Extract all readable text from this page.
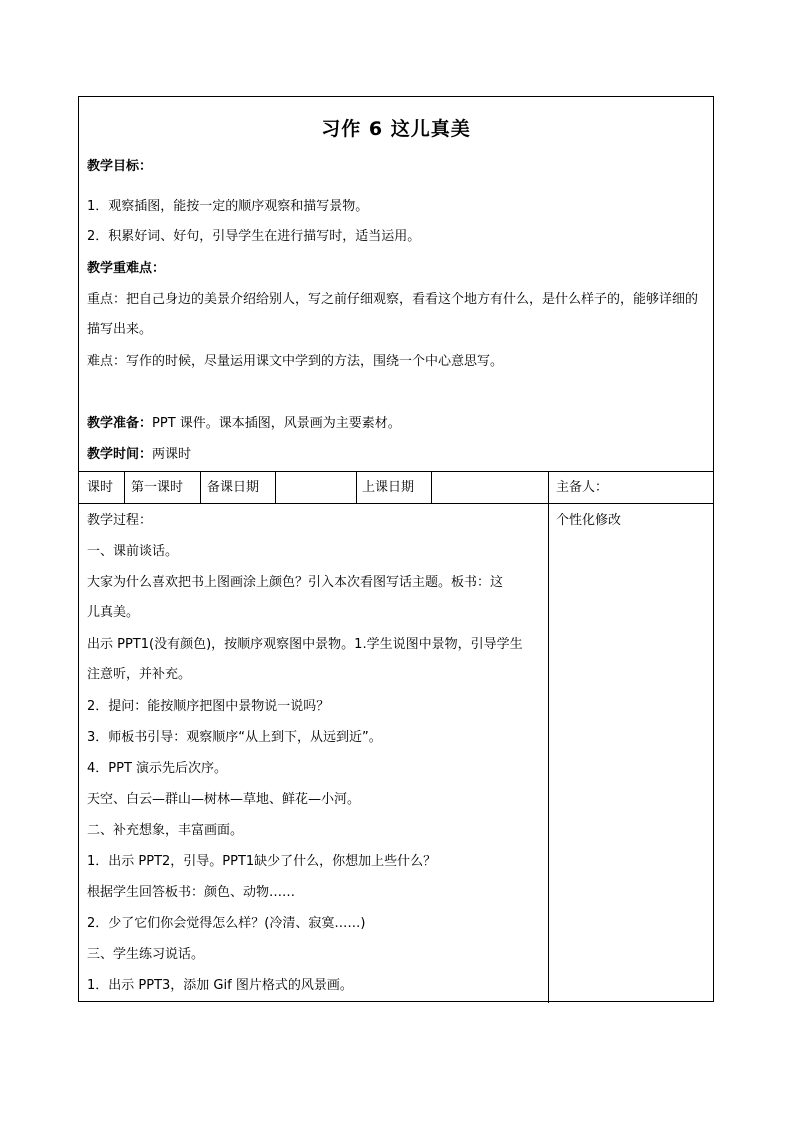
习作 6 这儿真美
教学目标：
1．观察插图，能按一定的顺序观察和描写景物。
2．积累好词、好句，引导学生在进行描写时，适当运用。
教学重难点：
重点：把自己身边的美景介绍给别人，写之前仔细观察，看看这个地方有什么，是什么样子的，能够详细的描写出来。
难点：写作的时候，尽量运用课文中学到的方法，围绕一个中心意思写。
教学准备：PPT 课件。课本插图，风景画为主要素材。
教学时间：两课时
课时 第一课时 备课日期	上课日期	主备人：
个性化修改
教学过程：
一、课前谈话。
大家为什么喜欢把书上图画涂上颜色？引入本次看图写话主题。板书：这
儿真美。
出示 PPT1(没有颜色)，按顺序观察图中景物。1.学生说图中景物，引导学生
注意听，并补充。
2．提问：能按顺序把图中景物说一说吗？
3．师板书引导：观察顺序“从上到下，从远到近”。
4．PPT 演示先后次序。
天空、白云—群山—树林—草地、鲜花—小河。
二、补充想象，丰富画面。
1．出示 PPT2，引导。PPT1缺少了什么，你想加上些什么？
根据学生回答板书：颜色、动物……
2．少了它们你会觉得怎么样？(冷清、寂寞……)
三、学生练习说话。
1．出示 PPT3，添加 Gif 图片格式的风景画。
